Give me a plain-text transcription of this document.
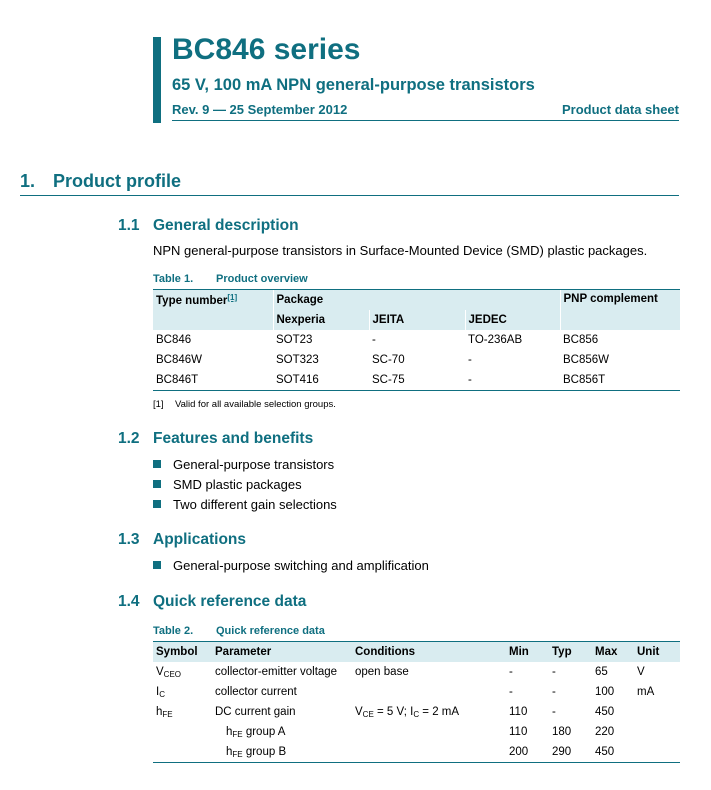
BC846 series
65 V, 100 mA NPN general-purpose transistors
Rev. 9 — 25 September 2012	Product data sheet
1. Product profile
1.1 General description
NPN general-purpose transistors in Surface-Mounted Device (SMD) plastic packages.
Table 1. Product overview
Type number[1]	Package			PNP complement
	Nexperia	JEITA	JEDEC	
BC846	SOT23	-	TO-236AB	BC856
BC846W	SOT323	SC-70	-	BC856W
BC846T	SOT416	SC-75	-	BC856T
[1] Valid for all available selection groups.
1.2 Features and benefits
General-purpose transistors
SMD plastic packages
Two different gain selections
1.3 Applications
General-purpose switching and amplification
1.4 Quick reference data
Table 2. Quick reference data
Symbol	Parameter	Conditions	Min	Typ	Max	Unit
$V_{CEO}$	collector-emitter voltage	open base	-	-	65	V
$I_C$	collector current		-	-	100	mA
$h_{FE}$	DC current gain	$V_{CE} = 5$ V; $I_C = 2$ mA	110	-	450	
	$h_{FE}$ group A		110	180	220	
	$h_{FE}$ group B		200	290	450	
